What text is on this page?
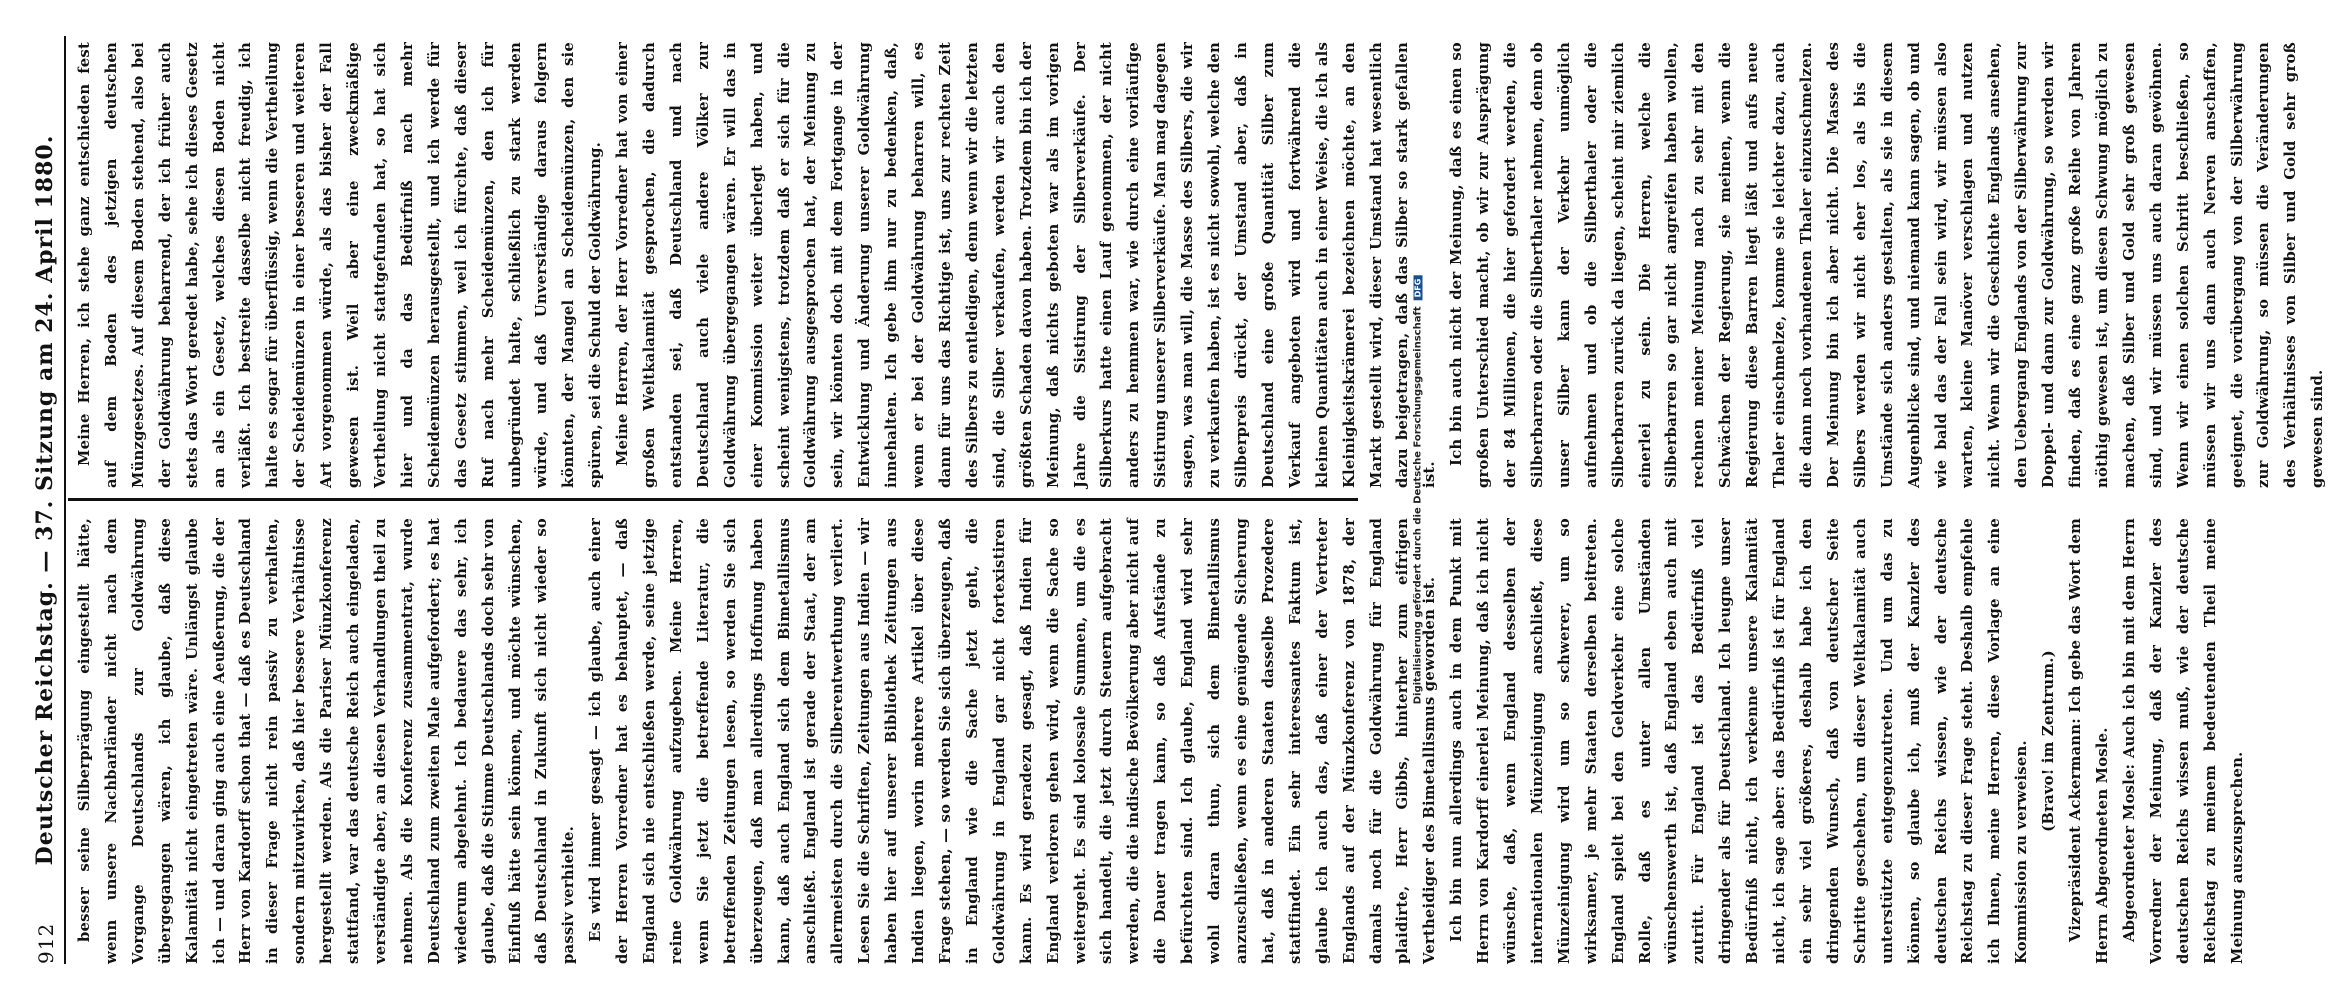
912
Deutscher Reichstag. — 37. Sitzung am 24. April 1880. besser seine Silberprägung eingestellt hätte, wenn unsere Nachbarländer nicht nach dem Vorgange Deutschlands zur Goldwährung übergegangen wären, ich glaube, daß diese Kalamität nicht eingetreten wäre. Unlängst glaube ich — und daran ging auch eine Aeußerung, die der Herr von Kardorff schon that — daß es Deutschland in dieser Frage nicht rein passiv zu verhalten, sondern mitzuwirken, daß hier bessere Verhältnisse hergestellt werden. Als die Pariser Münzkonferenz stattfand, war das deutsche Reich auch eingeladen, verständigte aber, an diesen Verhandlungen theil zu nehmen. Als die Konferenz zusammentrat, wurde Deutschland zum zweiten Male aufgefordert; es hat wiederum abgelehnt. Ich bedauere das sehr, ich glaube, daß die Stimme Deutschlands doch sehr von Einfluß hätte sein können, und möchte wünschen, daß Deutschland in Zukunft sich nicht wieder so passiv verhielte. Es wird immer gesagt — ich glaube, auch einer der Herren Vorredner hat es behauptet, — daß England sich nie entschließen werde, seine jetzige reine Goldwährung aufzugeben. Meine Herren, wenn Sie jetzt die betreffende Literatur, die betreffenden Zeitungen lesen, so werden Sie sich überzeugen, daß man allerdings Hoffnung haben kann, daß auch England sich dem Bimetallismus anschließt. England ist gerade der Staat, der am allermeisten durch die Silberentwerthung verliert. Lesen Sie die Schriften, Zeitungen aus Indien — wir haben hier auf unserer Bibliothek Zeitungen aus Indien liegen, worin mehrere Artikel über diese Frage stehen, — so werden Sie sich überzeugen, daß in England wie die Sache jetzt geht, die Goldwährung in England gar nicht fortexistiren kann. Es wird geradezu gesagt, daß Indien für England verloren gehen wird, wenn die Sache so weitergeht. Es sind kolossale Summen, um die es sich handelt, die jetzt durch Steuern aufgebracht werden, die die indische Bevölkerung aber nicht auf die Dauer tragen kann, so daß Aufstände zu befürchten sind. Ich glaube, England wird sehr wohl daran thun, sich dem Bimetallismus anzuschließen, wenn es eine genügende Sicherung hat, daß in anderen Staaten dasselbe Prozedere stattfindet. Ein sehr interessantes Faktum ist, glaube ich auch das, daß einer der Vertreter Englands auf der Münzkonferenz von 1878, der damals noch für die Goldwährung für England plaidirte, Herr Gibbs, hinterher zum eifrigen Vertheidiger des Bimetallismus geworden ist. Ich bin nun allerdings auch in dem Punkt mit Herrn von Kardorff einerlei Meinung, daß ich nicht wünsche, daß, wenn England desselben der internationalen Münzeinigung anschließt, diese Münzeinigung wird um so schwerer, um so wirksamer, je mehr Staaten derselben beitreten. England spielt bei den Geldverkehr eine solche Rolle, daß es unter allen Umständen wünschenswerth ist, daß England eben auch mit zutritt. Für England ist das Bedürfniß viel dringender als für Deutschland. Ich leugne unser Bedürfniß nicht, ich verkenne unsere Kalamität nicht, ich sage aber: das Bedürfniß ist für England ein sehr viel größeres, deshalb habe ich den dringenden Wunsch, daß von deutscher Seite Schritte geschehen, um dieser Weltkalamität auch unterstützte entgegenzutreten. Und um das zu können, so glaube ich, muß der Kanzler des deutschen Reichs wissen, wie der deutsche Reichstag zu dieser Frage steht. Deshalb empfehle ich Ihnen, meine Herren, diese Vorlage an eine Kommission zu verweisen. (Bravo! im Zentrum.) Vizepräsident Ackermann: Ich gebe das Wort dem Herrn Abgeordneten Mosle. Abgeordneter Mosle: Auch ich bin mit dem Herrn Vorredner der Meinung, daß der Kanzler des deutschen Reichs wissen muß, wie der deutsche Reichstag zu meinem bedeutenden Theil meine Meinung auszusprechen.

Meine Herren, ich stehe ganz entschieden fest auf dem Boden des jetzigen deutschen Münzgesetzes. Auf diesem Boden stehend, also bei der Goldwährung beharrend, der ich früher auch stets das Wort geredet habe, sehe ich dieses Gesetz an als ein Gesetz, welches diesen Boden nicht verläßt. Ich bestreite dasselbe nicht freudig, ich halte es sogar für überflüssig, wenn die Vertheilung der Scheidemünzen in einer besseren und weiteren Art vorgenommen würde, als das bisher der Fall gewesen ist. Weil aber eine zweckmäßige Vertheilung nicht stattgefunden hat, so hat sich hier und da das Bedürfniß nach mehr Scheidemünzen herausgestellt, und ich werde für das Gesetz stimmen, weil ich fürchte, daß dieser Ruf nach mehr Scheidemünzen, den ich für unbegründet halte, schließlich zu stark werden würde, und daß Unverständige daraus folgern könnten, der Mangel an Scheidemünzen, den sie spüren, sei die Schuld der Goldwährung. Meine Herren, der Herr Vorredner hat von einer großen Weltkalamität gesprochen, die dadurch entstanden sei, daß Deutschland und nach Deutschland auch viele andere Völker zur Goldwährung übergegangen wären. Er will das in einer Kommission weiter überlegt haben, und scheint wenigstens, trotzdem daß er sich für die Goldwährung ausgesprochen hat, der Meinung zu sein, wir könnten doch mit dem Fortgange in der Entwicklung und Änderung unserer Goldwährung innehalten. Ich gebe ihm nur zu bedenken, daß, wenn er bei der Goldwährung beharren will, es dann für uns das Richtige ist, uns zur rechten Zeit des Silbers zu entledigen, denn wenn wir die letzten sind, die Silber verkaufen, werden wir auch den größten Schaden davon haben. Trotzdem bin ich der Meinung, daß nichts geboten war als im vorigen Jahre die Sistirung der Silberverkäufe. Der Silberkurs hatte einen Lauf genommen, der nicht anders zu hemmen war, wie durch eine vorläufige Sistirung unserer Silberverkäufe. Man mag dagegen sagen, was man will, die Masse des Silbers, die wir zu verkaufen haben, ist es nicht sowohl, welche den Silberpreis drückt, der Umstand aber, daß in Deutschland eine große Quantität Silber zum Verkauf angeboten wird und fortwährend die kleinen Quantitäten auch in einer Weise, die ich als Kleinigkeitskrämerei bezeichnen möchte, an den Markt gestellt wird, dieser Umstand hat wesentlich dazu beigetragen, daß das Silber so stark gefallen ist.

Ich bin auch nicht der Meinung, daß es einen so großen Unterschied macht, ob wir zur Ausprägung der 84 Millionen, die hier gefordert werden, die Silberbarren oder die Silberthaler nehmen, denn ob unser Silber kann der Verkehr unmöglich aufnehmen und ob die Silberthaler oder die Silberbarren zurück da liegen, scheint mir ziemlich einerlei zu sein. Die Herren, welche die Silberbarren so gar nicht angreifen haben wollen, rechnen meiner Meinung nach zu sehr mit den Schwächen der Regierung, sie meinen, wenn die Regierung diese Barren liegt läßt und aufs neue Thaler einschmelze, komme sie leichter dazu, auch die dann noch vorhandenen Thaler einzuschmelzen. Der Meinung bin ich aber nicht. Die Masse des Silbers werden wir nicht eher los, als bis die Umstände sich anders gestalten, als sie in diesem Augenblicke sind, und niemand kann sagen, ob und wie bald das der Fall sein wird, wir müssen also warten, kleine Manöver verschlagen und nutzen nicht. Wenn wir die Geschichte Englands ansehen, den Uebergang Englands von der Silberwährung zur Doppel- und dann zur Goldwährung, so werden wir finden, daß es eine ganz große Reihe von Jahren nöthig gewesen ist, um diesen Schwung möglich zu machen, daß Silber und Gold sehr groß gewesen sind, und wir müssen uns auch daran gewöhnen. Wenn wir einen solchen Schritt beschließen, so müssen wir uns dann auch Nerven anschaffen, geeignet, die vorübergang von der Silberwährung zur Goldwährung, so müssen die Veränderungen des Verhältnisses von Silber und Gold sehr groß gewesen sind.

Digitalisierung gefördert durch die Deutsche ForschungsgemeinschaftDFG
